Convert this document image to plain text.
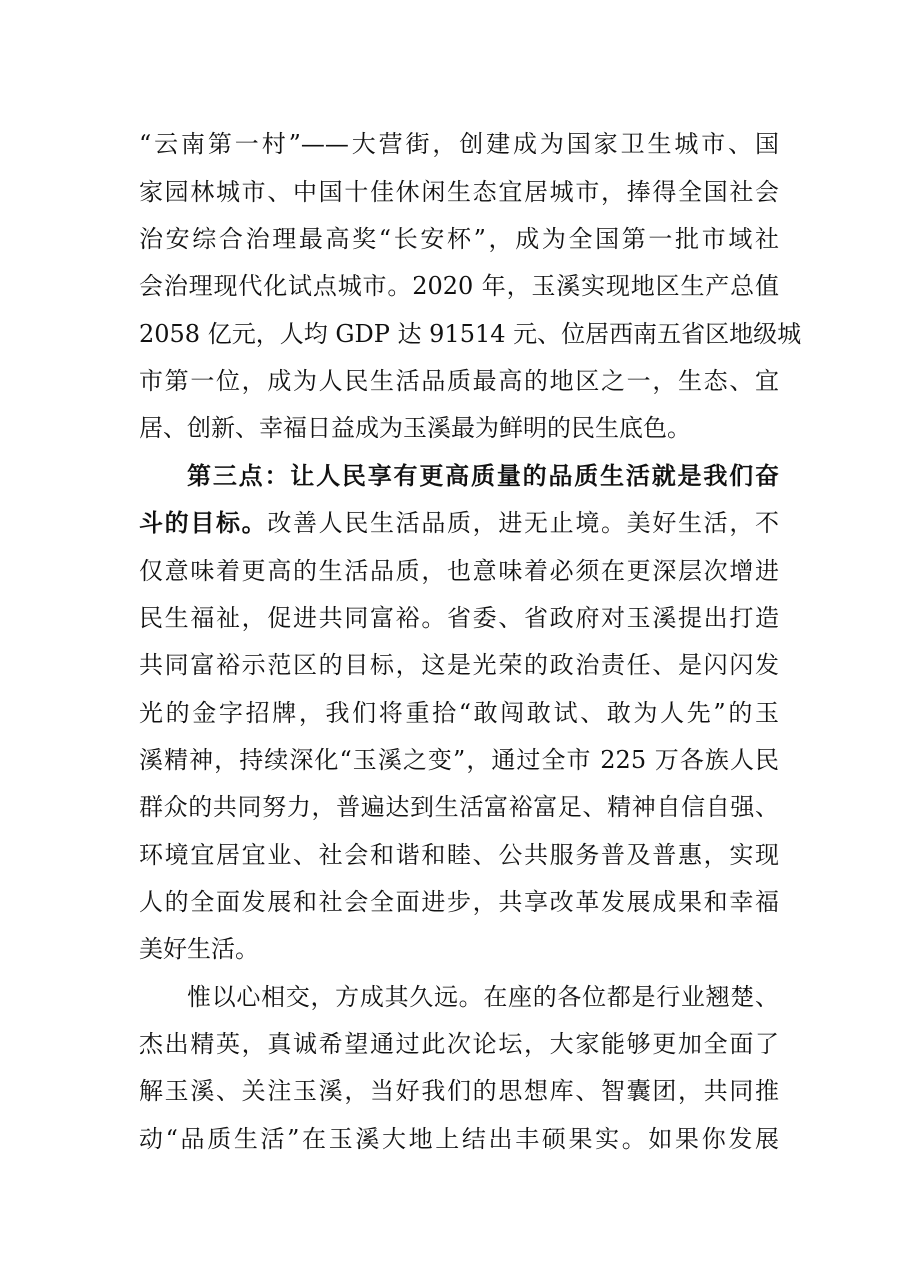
“云南第一村”——大营街，创建成为国家卫生城市、国
家园林城市、中国十佳休闲生态宜居城市，捧得全国社会
治安综合治理最高奖“长安杯”，成为全国第一批市域社
会治理现代化试点城市。2020 年，玉溪实现地区生产总值
2058 亿元，人均 GDP 达 91514 元、位居西南五省区地级城
市第一位，成为人民生活品质最高的地区之一，生态、宜
居、创新、幸福日益成为玉溪最为鲜明的民生底色。
第三点：让人民享有更高质量的品质生活就是我们奋
斗的目标。改善人民生活品质，进无止境。美好生活，不
仅意味着更高的生活品质，也意味着必须在更深层次增进
民生福祉，促进共同富裕。省委、省政府对玉溪提出打造
共同富裕示范区的目标，这是光荣的政治责任、是闪闪发
光的金字招牌，我们将重拾“敢闯敢试、敢为人先”的玉
溪精神，持续深化“玉溪之变”，通过全市 225 万各族人民
群众的共同努力，普遍达到生活富裕富足、精神自信自强、
环境宜居宜业、社会和谐和睦、公共服务普及普惠，实现
人的全面发展和社会全面进步，共享改革发展成果和幸福
美好生活。
惟以心相交，方成其久远。在座的各位都是行业翘楚、
杰出精英，真诚希望通过此次论坛，大家能够更加全面了
解玉溪、关注玉溪，当好我们的思想库、智囊团，共同推
动“品质生活”在玉溪大地上结出丰硕果实。如果你发展
